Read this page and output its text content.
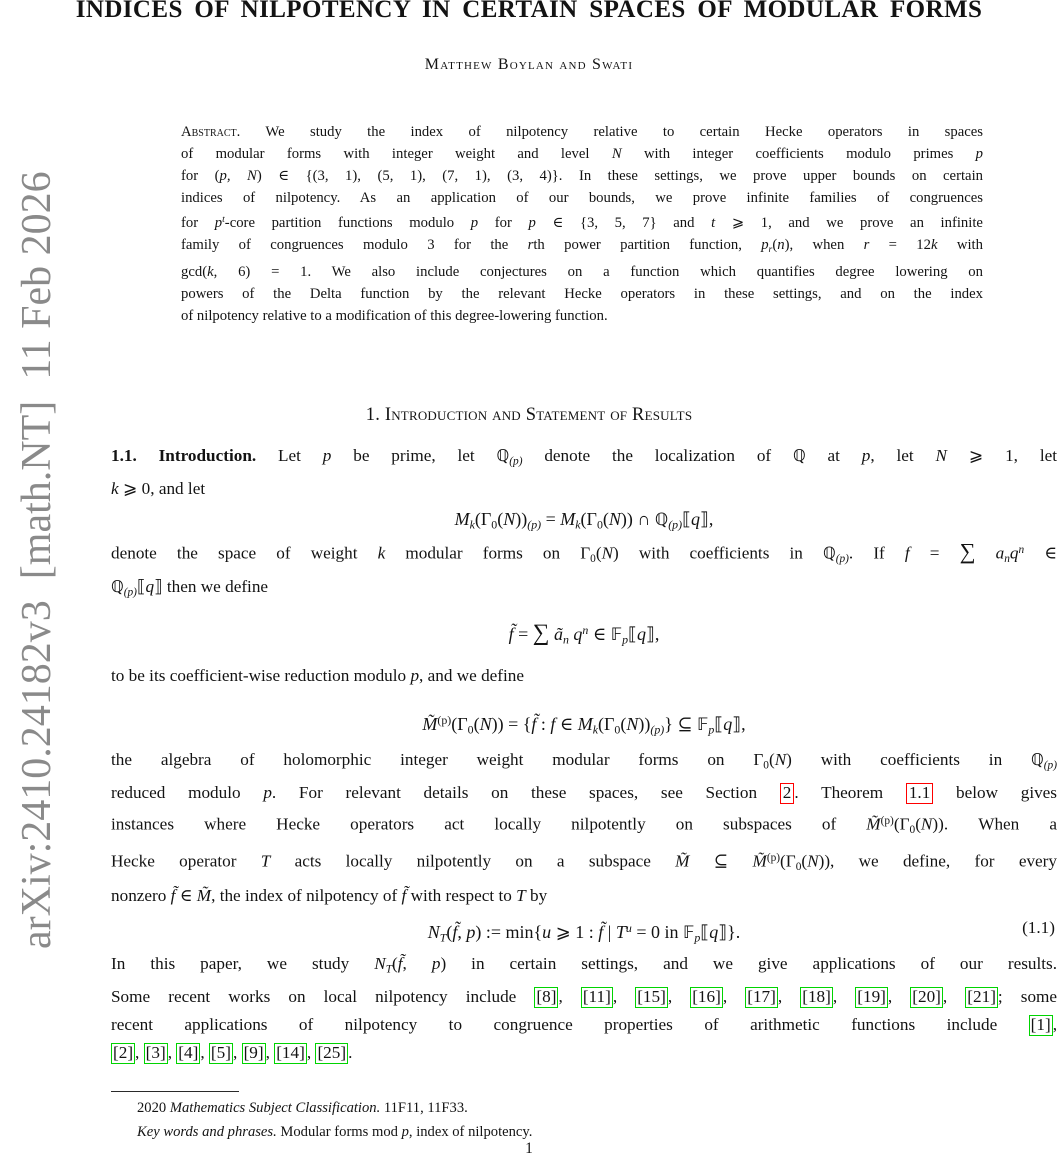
arXiv:2410.24182v3  [math.NT]  11 Feb 2026
INDICES OF NILPOTENCY IN CERTAIN SPACES OF MODULAR FORMS
Matthew Boylan and Swati
Abstract. We study the index of nilpotency relative to certain Hecke operators in spaces
of modular forms with integer weight and level N with integer coefficients modulo primes p
for (p, N) ∈ {(3, 1), (5, 1), (7, 1), (3, 4)}. In these settings, we prove upper bounds on certain
indices of nilpotency. As an application of our bounds, we prove infinite families of congruences
for $p^t$-core partition functions modulo p for p ∈ {3, 5, 7} and t ⩾ 1, and we prove an infinite
family of congruences modulo 3 for the rth power partition function, pr(n), when r = 12k with
gcd(k, 6) = 1. We also include conjectures on a function which quantifies degree lowering on
powers of the Delta function by the relevant Hecke operators in these settings, and on the index
of nilpotency relative to a modification of this degree-lowering function.
1. Introduction and Statement of Results
1.1. Introduction. Let p be prime, let ℚ(p) denote the localization of ℚ at p, let N ⩾ 1, let
k ⩾ 0, and let
Mk(Γ0(N))(p) = Mk(Γ0(N)) ∩ ℚ(p)⟦q⟧,
denote the space of weight k modular forms on Γ0(N) with coefficients in ℚ(p). If f = ∑ anq$^n$ ∈
ℚ(p)⟦q⟧ then we define
f̃ = ∑ ãn $q^n$ ∈ 𝔽p⟦q⟧,
to be its coefficient-wise reduction modulo p, and we define
M̃$^{(p)}$(Γ0(N)) = {f̃ : f ∈ Mk(Γ0(N))(p)} ⊆ 𝔽p⟦q⟧,
the algebra of holomorphic integer weight modular forms on Γ0(N) with coefficients in ℚ(p)
reduced modulo p. For relevant details on these spaces, see Section 2 . Theorem 1.1 below gives
instances where Hecke operators act locally nilpotently on subspaces of M̃$^{(p)}$(Γ0(N)). When a
Hecke operator T acts locally nilpotently on a subspace M̃ ⊆ M̃$^{(p)}$(Γ0(N)), we define, for every
nonzero f̃ ∈ M̃, the index of nilpotency of f̃ with respect to T by
NT(f̃, p) := min{u ⩾ 1 : f̃ | $T^u = 0$ in 𝔽p⟦q⟧}.	(1.1)
In this paper, we study NT(f̃, p) in certain settings, and we give applications of our results.
Some recent works on local nilpotency include [8] , [11] , [15] , [16] , [17] , [18] , [19] , [20] , [21] ; some
recent applications of nilpotency to congruence properties of arithmetic functions include [1] ,
[2] , [3] , [4] , [5] , [9] , [14] , [25] .
2020 Mathematics Subject Classification. 11F11, 11F33.
Key words and phrases. Modular forms mod p, index of nilpotency.
1
